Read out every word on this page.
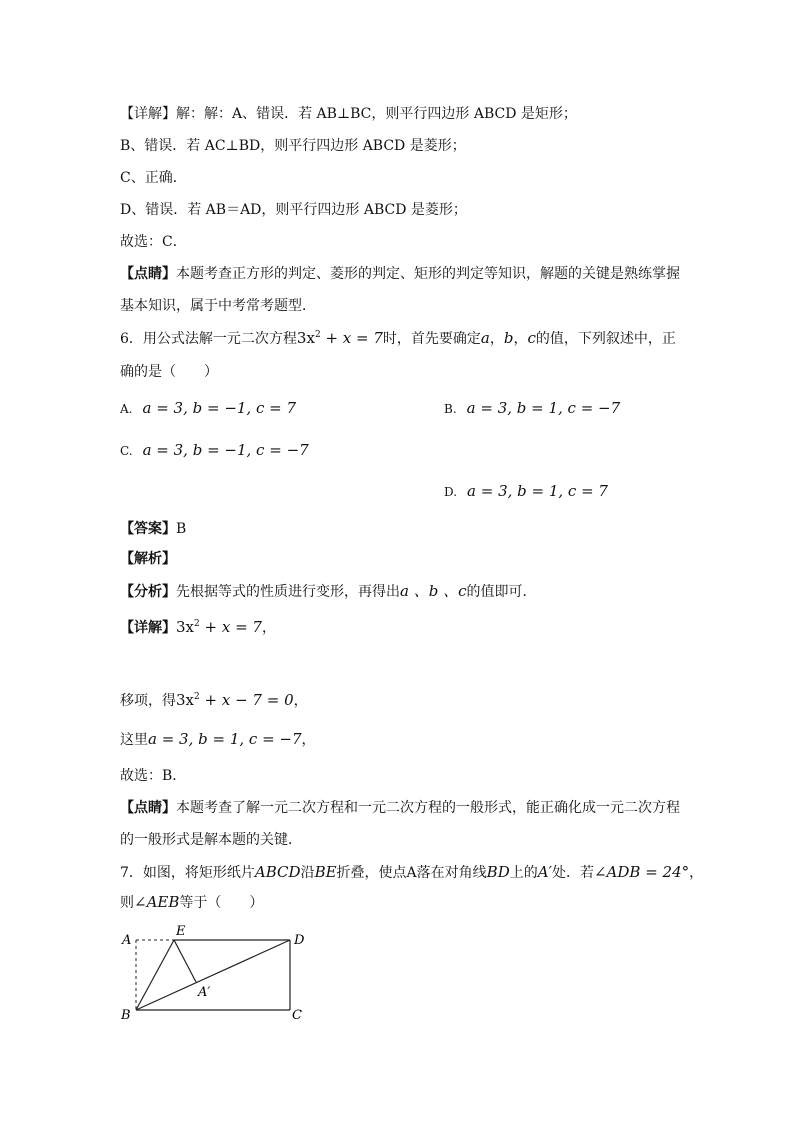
【详解】解：解：A、错误．若 AB⊥BC，则平行四边形 ABCD 是矩形；
B、错误．若 AC⊥BD，则平行四边形 ABCD 是菱形；
C、正确．
D、错误．若 AB＝AD，则平行四边形 ABCD 是菱形；
故选：C．
【点睛】本题考查正方形的判定、菱形的判定、矩形的判定等知识，解题的关键是熟练掌握
基本知识，属于中考常考题型．
6．用公式法解一元二次方程$3x^2 + x = 7$时，首先要确定a，b，c的值，下列叙述中，正
确的是（　　）
A. a = 3, b = −1, c = 7	B. a = 3, b = 1, c = −7
C. a = 3, b = −1, c = −7
D. a = 3, b = 1, c = 7
【答案】B
【解析】
【分析】先根据等式的性质进行变形，再得出a 、b 、c的值即可．
【详解】$3x^2 + x = 7$，
移项，得$3x^2 + x - 7 = 0$，
这里a = 3, b = 1, c = −7，
故选：B．
【点睛】本题考查了解一元二次方程和一元二次方程的一般形式，能正确化成一元二次方程
的一般形式是解本题的关键．
7．如图，将矩形纸片ABCD沿BE折叠，使点A落在对角线BD上的A′处．若∠ADB = 24°，
则∠AEB等于（　　）
A
E
D
A′
B	C
